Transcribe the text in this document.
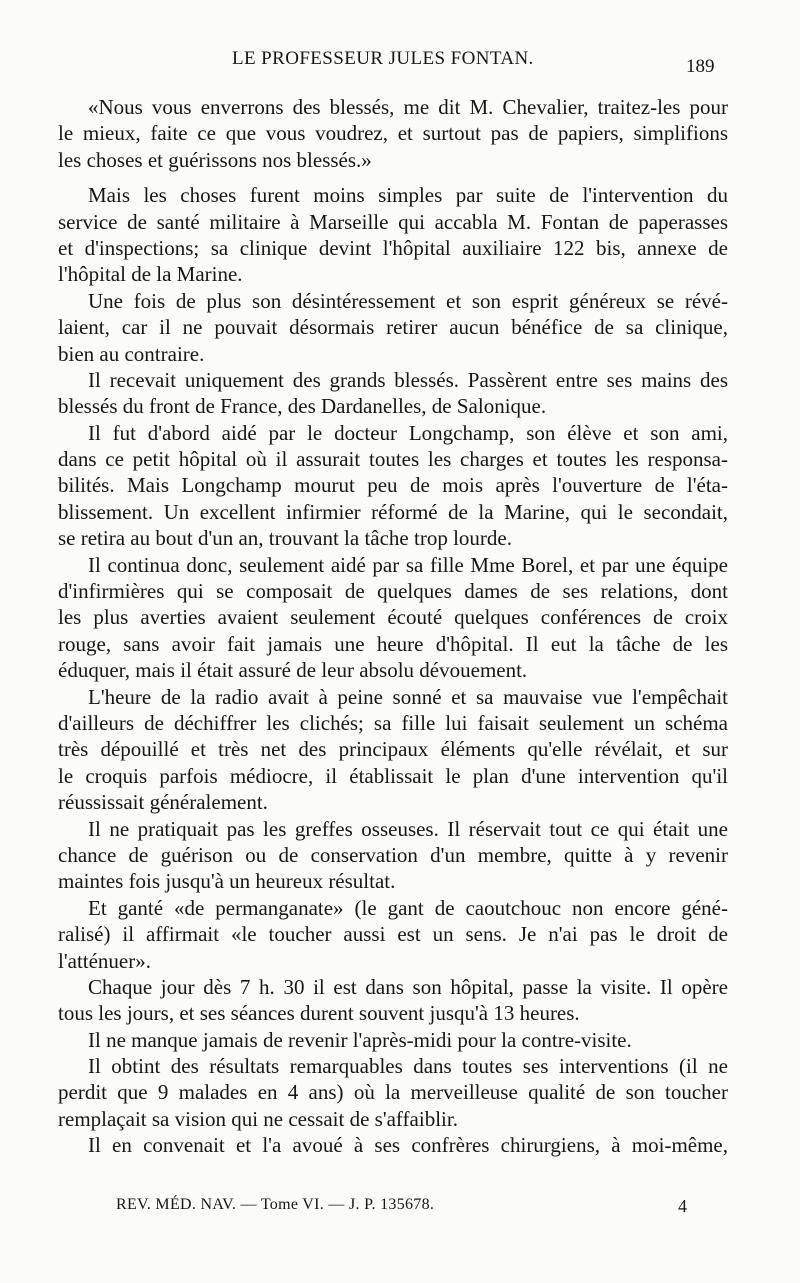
LE PROFESSEUR JULES FONTAN.	189
«Nous vous enverrons des blessés, me dit M. Chevalier, traitez-les pour
le mieux, faite ce que vous voudrez, et surtout pas de papiers, simplifions
les choses et guérissons nos blessés.»
Mais les choses furent moins simples par suite de l'intervention du
service de santé militaire à Marseille qui accabla M. Fontan de paperasses
et d'inspections; sa clinique devint l'hôpital auxiliaire 122 bis, annexe de
l'hôpital de la Marine.
Une fois de plus son désintéressement et son esprit généreux se révé-
laient, car il ne pouvait désormais retirer aucun bénéfice de sa clinique,
bien au contraire.
Il recevait uniquement des grands blessés. Passèrent entre ses mains des
blessés du front de France, des Dardanelles, de Salonique.
Il fut d'abord aidé par le docteur Longchamp, son élève et son ami,
dans ce petit hôpital où il assurait toutes les charges et toutes les responsa-
bilités. Mais Longchamp mourut peu de mois après l'ouverture de l'éta-
blissement. Un excellent infirmier réformé de la Marine, qui le secondait,
se retira au bout d'un an, trouvant la tâche trop lourde.
Il continua donc, seulement aidé par sa fille Mme Borel, et par une équipe
d'infirmières qui se composait de quelques dames de ses relations, dont
les plus averties avaient seulement écouté quelques conférences de croix
rouge, sans avoir fait jamais une heure d'hôpital. Il eut la tâche de les
éduquer, mais il était assuré de leur absolu dévouement.
L'heure de la radio avait à peine sonné et sa mauvaise vue l'empêchait
d'ailleurs de déchiffrer les clichés; sa fille lui faisait seulement un schéma
très dépouillé et très net des principaux éléments qu'elle révélait, et sur
le croquis parfois médiocre, il établissait le plan d'une intervention qu'il
réussissait généralement.
Il ne pratiquait pas les greffes osseuses. Il réservait tout ce qui était une
chance de guérison ou de conservation d'un membre, quitte à y revenir
maintes fois jusqu'à un heureux résultat.
Et ganté «de permanganate» (le gant de caoutchouc non encore géné-
ralisé) il affirmait «le toucher aussi est un sens. Je n'ai pas le droit de
l'atténuer».
Chaque jour dès 7 h. 30 il est dans son hôpital, passe la visite. Il opère
tous les jours, et ses séances durent souvent jusqu'à 13 heures.
Il ne manque jamais de revenir l'après-midi pour la contre-visite.
Il obtint des résultats remarquables dans toutes ses interventions (il ne
perdit que 9 malades en 4 ans) où la merveilleuse qualité de son toucher
remplaçait sa vision qui ne cessait de s'affaiblir.
Il en convenait et l'a avoué à ses confrères chirurgiens, à moi-même,
REV. MÉD. NAV. — Tome VI. — J. P. 135678.	4
